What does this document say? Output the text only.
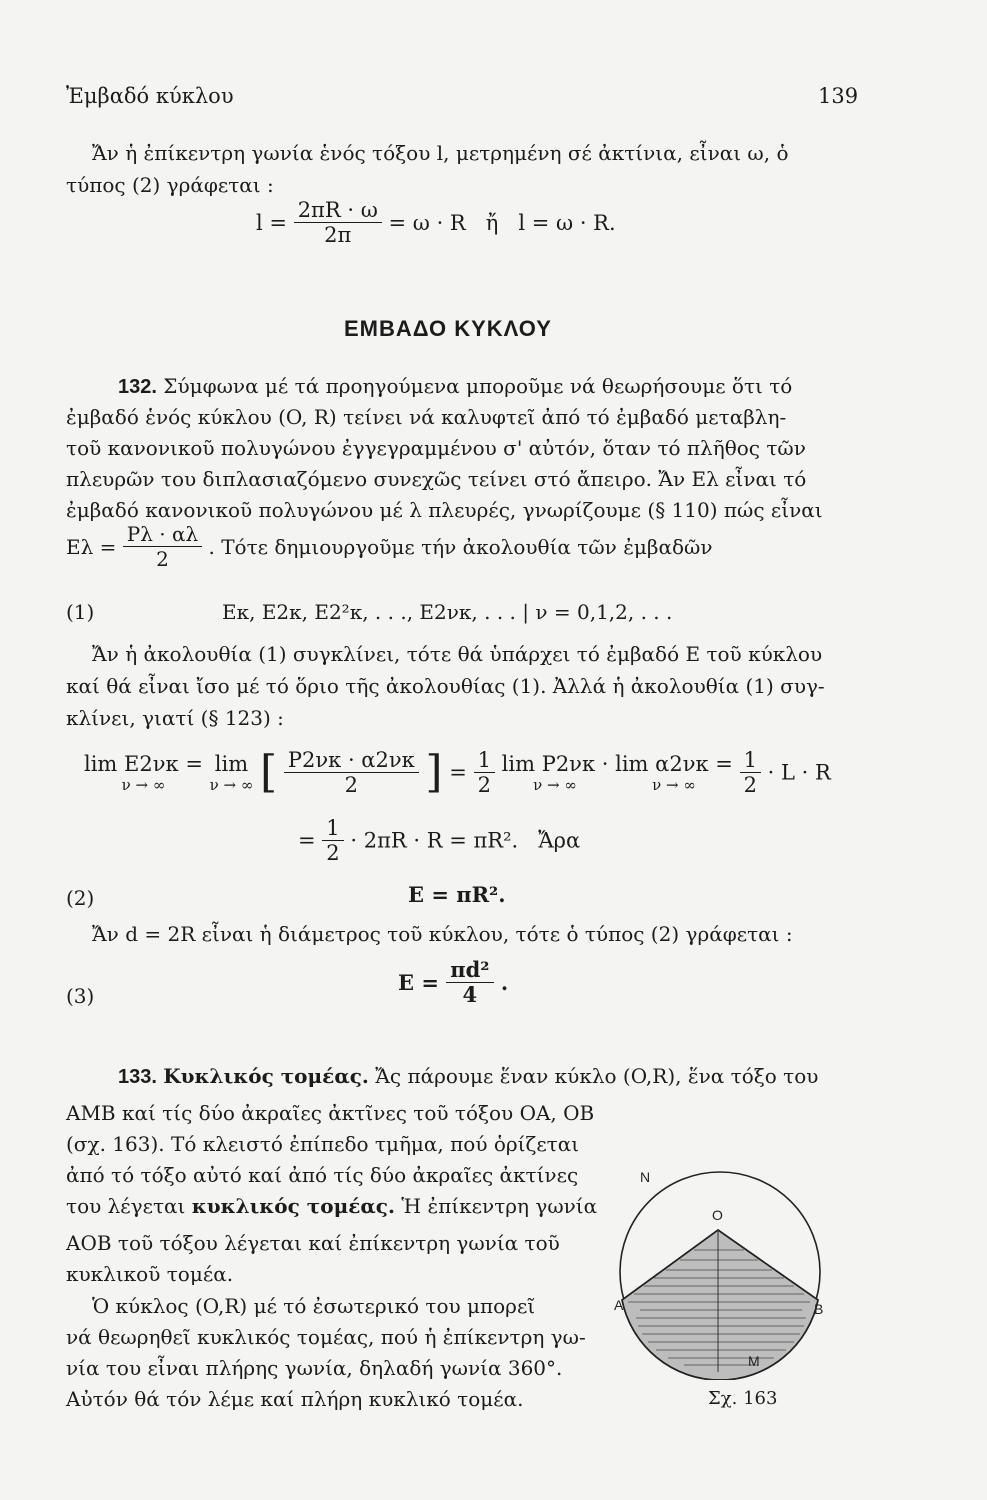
Ἐμβαδό κύκλου	139
Ἄν ἡ ἐπίκεντρη γωνία ἑνός τόξου l, μετρημένη σέ ἀκτίνια, εἶναι ω, ὁ
τύπος (2) γράφεται :
$l = \frac{2\pi R \cdot \omega}{2\pi} = \omega \cdot R$   ἤ   l = ω · R.
ΕΜΒΑΔΟ ΚΥΚΛΟΥ
132. Σύμφωνα μέ τά προηγούμενα μποροῦμε νά θεωρήσουμε ὅτι τό
ἐμβαδό ἑνός κύκλου (O, R) τείνει νά καλυφτεῖ ἀπό τό ἐμβαδό μεταβλη-
τοῦ κανονικοῦ πολυγώνου ἐγγεγραμμένου σ' αὐτόν, ὅταν τό πλῆθος τῶν
πλευρῶν του διπλασιαζόμενο συνεχῶς τείνει στό ἄπειρο. Ἄν Eλ εἶναι τό
ἐμβαδό κανονικοῦ πολυγώνου μέ λ πλευρές, γνωρίζουμε (§ 110) πώς εἶναι
$E\lambda = \frac{P\lambda \cdot \alpha\lambda}{2}$ . Τότε δημιουργοῦμε τήν ἀκολουθία τῶν ἐμβαδῶν
(1)	Eκ, E2κ, E2²κ, . . ., E2νκ, . . . | ν = 0,1,2, . . .
Ἄν ἡ ἀκολουθία (1) συγκλίνει, τότε θά ὑπάρχει τό ἐμβαδό E τοῦ κύκλου
καί θά εἶναι ἴσο μέ τό ὅριο τῆς ἀκολουθίας (1). Ἀλλά ἡ ἀκολουθία (1) συγ-
κλίνει, γιατί (§ 123) :
lim E2νκ =
ν → ∞

lim
ν → ∞ [ $\frac{P2\nu\kappa \cdot \alpha 2\nu\kappa}{2}$ ] = $\frac{1}{2}$
lim P2νκ ·
ν → ∞

lim α2νκ =
ν → ∞
$\frac{1}{2} \cdot L \cdot R$
= $\frac{1}{2} \cdot 2\pi R \cdot R = \pi R^2$.   Ἄρα
(2)	E = πR².
Ἄν d = 2R εἶναι ἡ διάμετρος τοῦ κύκλου, τότε ὁ τύπος (2) γράφεται :
(3)
$E = \frac{\text{πd²}}{4}$ .
133. Κυκλικός τομέας. Ἄς πάρουμε ἕναν κύκλο (O,R), ἕνα τόξο του
AMB καί τίς δύο ἀκραῖες ἀκτῖνες τοῦ τόξου OA, OB
(σχ. 163). Τό κλειστό ἐπίπεδο τμῆμα, πού ὁρίζεται
ἀπό τό τόξο αὐτό καί ἀπό τίς δύο ἀκραῖες ἀκτίνες
του λέγεται κυκλικός τομέας. Ἡ ἐπίκεντρη γωνία
AOB τοῦ τόξου λέγεται καί ἐπίκεντρη γωνία τοῦ
κυκλικοῦ τομέα.
Ὁ κύκλος (O,R) μέ τό ἐσωτερικό του μπορεῖ
νά θεωρηθεῖ κυκλικός τομέας, πού ἡ ἐπίκεντρη γω-
νία του εἶναι πλήρης γωνία, δηλαδή γωνία 360°.
Αὐτόν θά τόν λέμε καί πλήρη κυκλικό τομέα.
N
O
A	B
M
Σχ. 163
